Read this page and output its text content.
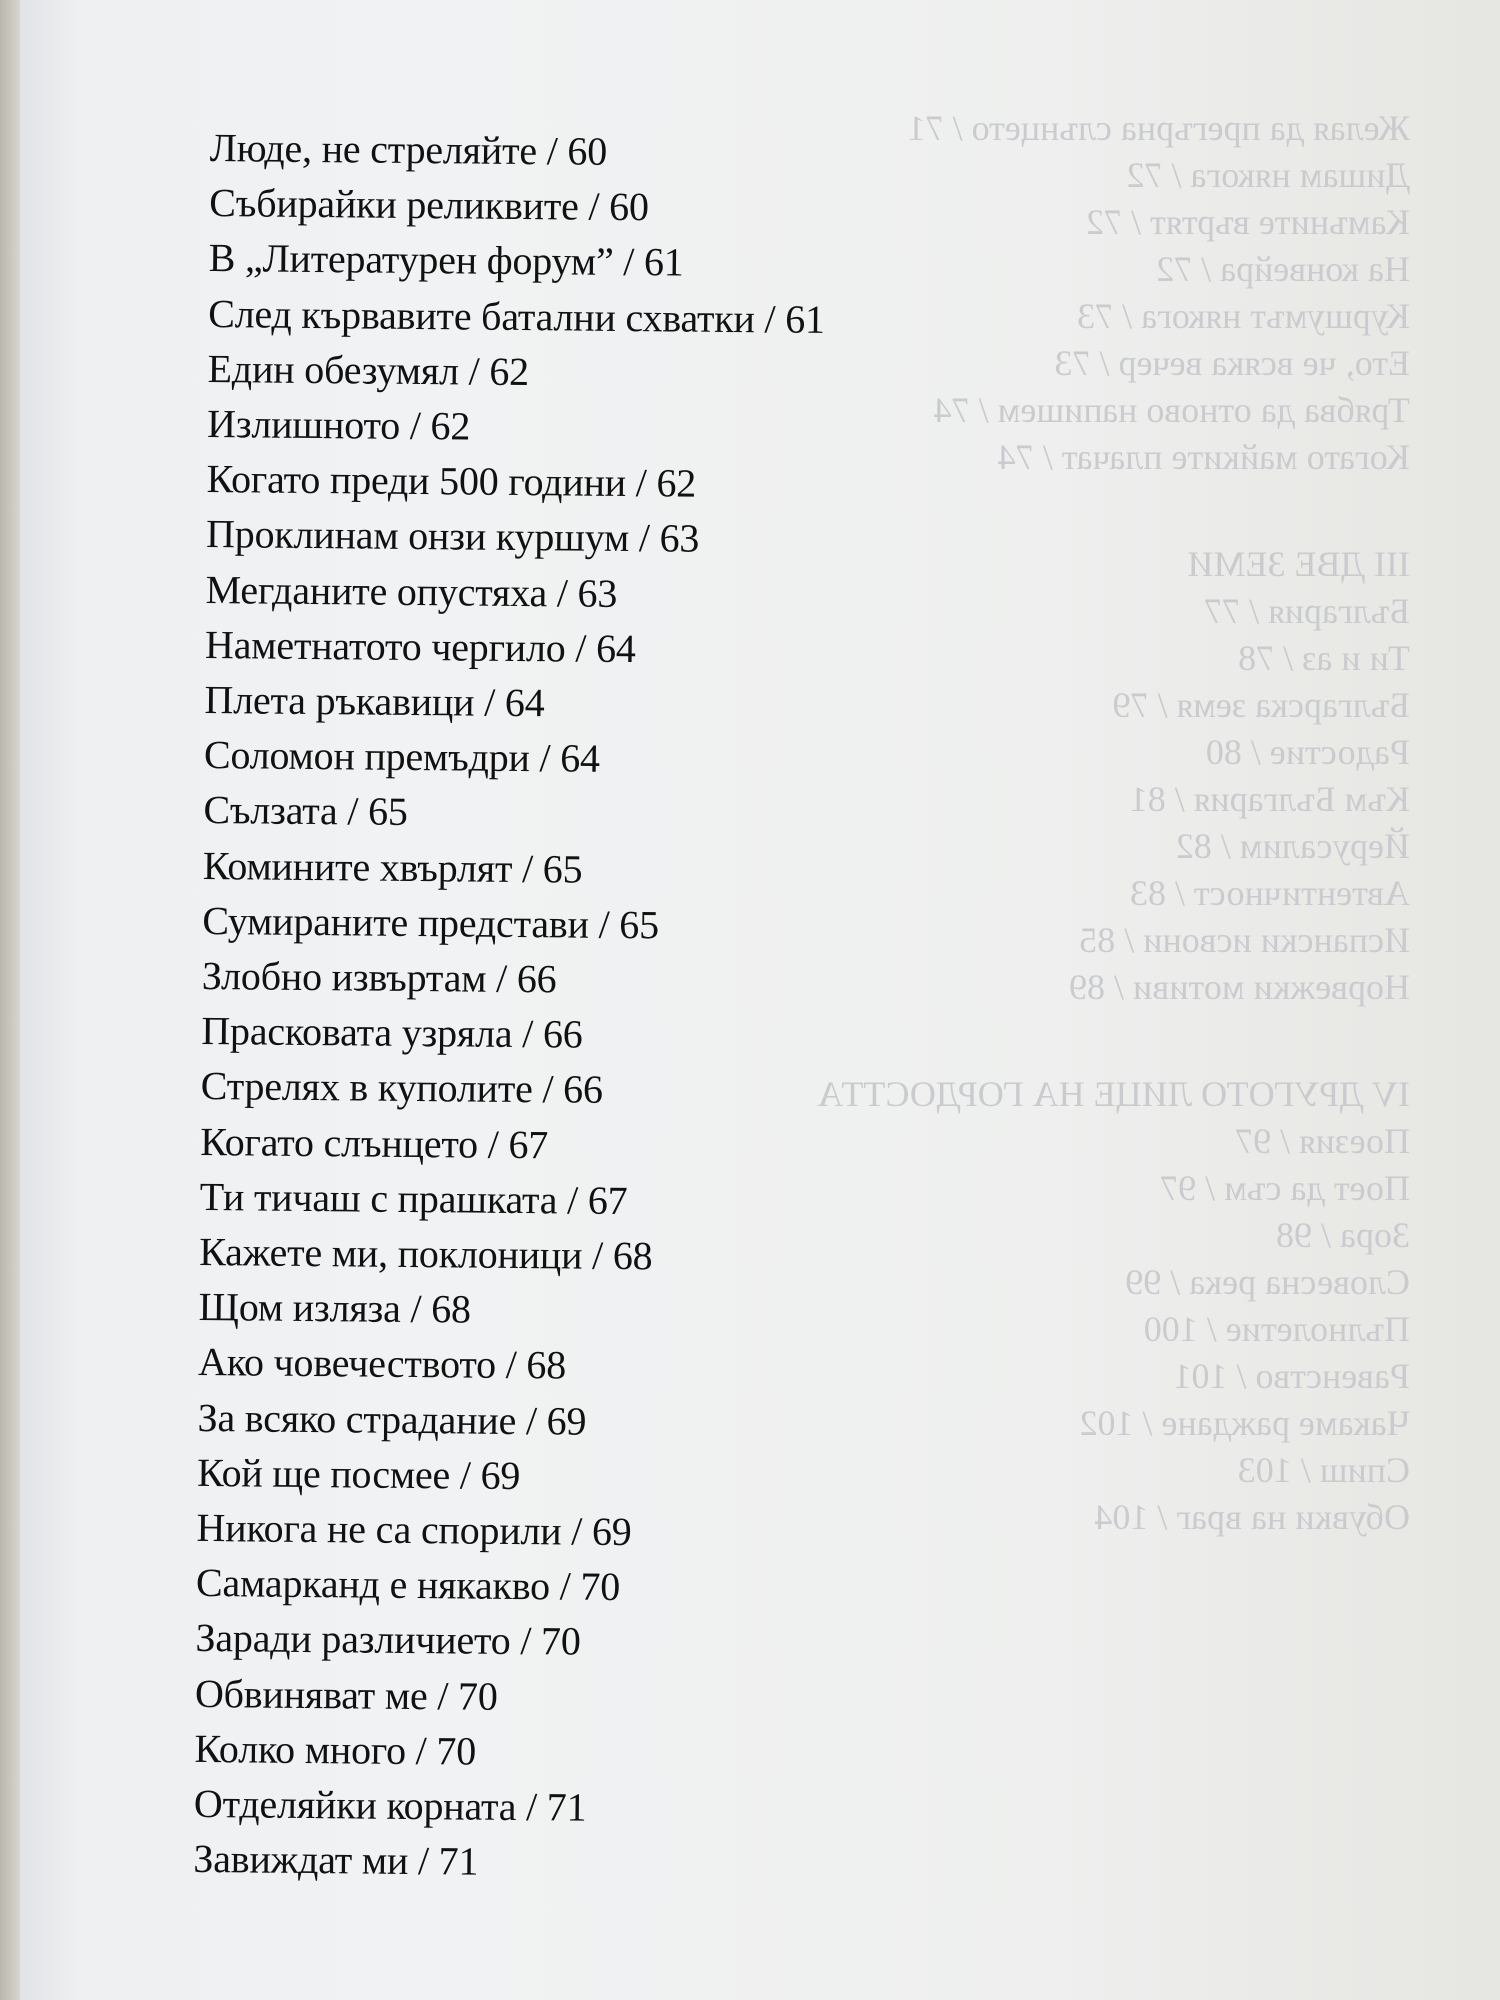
Желая да прегърна слънцето / 71
Дишам някога / 72
Камъните въртят / 72
На конвейра / 72
Куршумът някога / 73
Ето, че всяка вечер / 73
Трябва да отново напишем / 74
Когато майките плачат / 74
III ДВЕ ЗЕМИ
България / 77
Ти и аз / 78
Българска земя / 79
Радостие / 80
Към България / 81
Йерусалим / 82
Автентичност / 83
Испански исвони / 85
Норвежки мотиви / 89
IV ДРУГОТО ЛИЦЕ НА ГОРДОСТТА
Поезия / 97
Поет да съм / 97
Зора / 98
Словесна река / 99
Пълнолетие / 100
Равенство / 101
Чакаме раждане / 102
Спиш / 103
Обувки на враг / 104
Люде, не стреляйте / 60
Събирайки реликвите / 60
В „Литературен форум” / 61
След кървавите батални схватки / 61
Един обезумял / 62
Излишното / 62
Когато преди 500 години / 62
Проклинам онзи куршум / 63
Мегданите опустяха / 63
Наметнатото чергило / 64
Плета ръкавици / 64
Соломон премъдри / 64
Сълзата / 65
Комините хвърлят / 65
Сумираните представи / 65
Злобно извъртам / 66
Прасковата узряла / 66
Стрелях в куполите / 66
Когато слънцето / 67
Ти тичаш с прашката / 67
Кажете ми, поклоници / 68
Щом изляза / 68
Ако човечеството / 68
За всяко страдание / 69
Кой ще посмее / 69
Никога не са спорили / 69
Самарканд е някакво / 70
Заради различието / 70
Обвиняват ме / 70
Колко много / 70
Отделяйки корната / 71
Завиждат ми / 71
